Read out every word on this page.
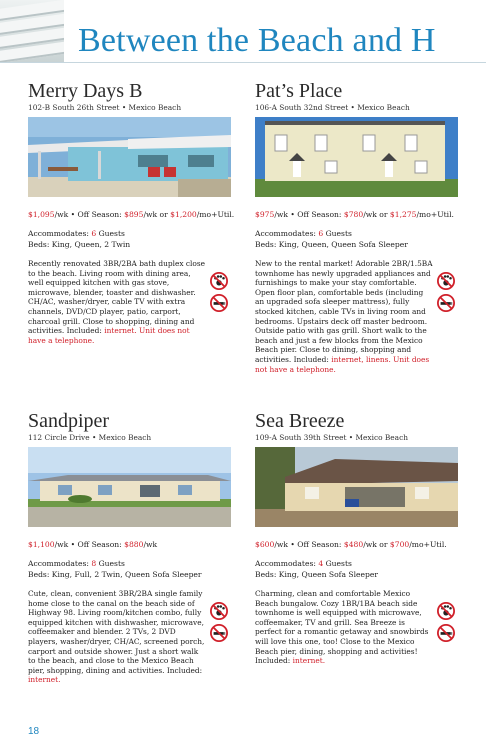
Between the Beach and H
Merry Days B
102-B South 26th Street • Mexico Beach
$1,095/wk • Off Season: $895/wk or $1,200/mo+Util.
Accommodates: 6 Guests
Beds: King, Queen, 2 Twin
Recently renovated 3BR/2BA bath duplex close to the beach. Living room with dining area, well equipped kitchen with gas stove, microwave, blender, toaster and dishwasher. CH/AC, washer/dryer, cable TV with extra channels, DVD/CD player, patio, carport, charcoal grill. Close to shopping, dining and activities. Included: internet. Unit does not have a telephone.
Pat’s Place
106-A South 32nd Street • Mexico Beach
$975/wk • Off Season: $780/wk or $1,275/mo+Util.
Accommodates: 6 Guests
Beds: King, Queen, Queen Sofa Sleeper
New to the rental market! Adorable 2BR/1.5BA townhome has newly upgraded appliances and furnishings to make your stay comfortable. Open floor plan, comfortable beds (including an upgraded sofa sleeper mattress), fully stocked kitchen, cable TVs in living room and bedrooms. Upstairs deck off master bedroom. Outside patio with gas grill. Short walk to the beach and just a few blocks from the Mexico Beach pier. Close to dining, shopping and activities. Included: internet, linens. Unit does not have a telephone.
Sandpiper
112 Circle Drive • Mexico Beach
$1,100/wk • Off Season: $880/wk
Accommodates: 8 Guests
Beds: King, Full, 2 Twin, Queen Sofa Sleeper
Cute, clean, convenient 3BR/2BA single family home close to the canal on the beach side of Highway 98. Living room/kitchen combo, fully equipped kitchen with dishwasher, microwave, coffeemaker and blender. 2 TVs, 2 DVD players, washer/dryer, CH/AC, screened porch, carport and outside shower. Just a short walk to the beach, and close to the Mexico Beach pier, shopping, dining and activities. Included: internet.
Sea Breeze
109-A South 39th Street • Mexico Beach
$600/wk • Off Season: $480/wk or $700/mo+Util.
Accommodates: 4 Guests
Beds: King, Queen Sofa Sleeper
Charming, clean and comfortable Mexico Beach bungalow. Cozy 1BR/1BA beach side townhome is well equipped with microwave, coffeemaker, TV and grill. Sea Breeze is perfect for a romantic getaway and snowbirds will love this one, too! Close to the Mexico Beach pier, dining, shopping and activities! Included: internet.
18
